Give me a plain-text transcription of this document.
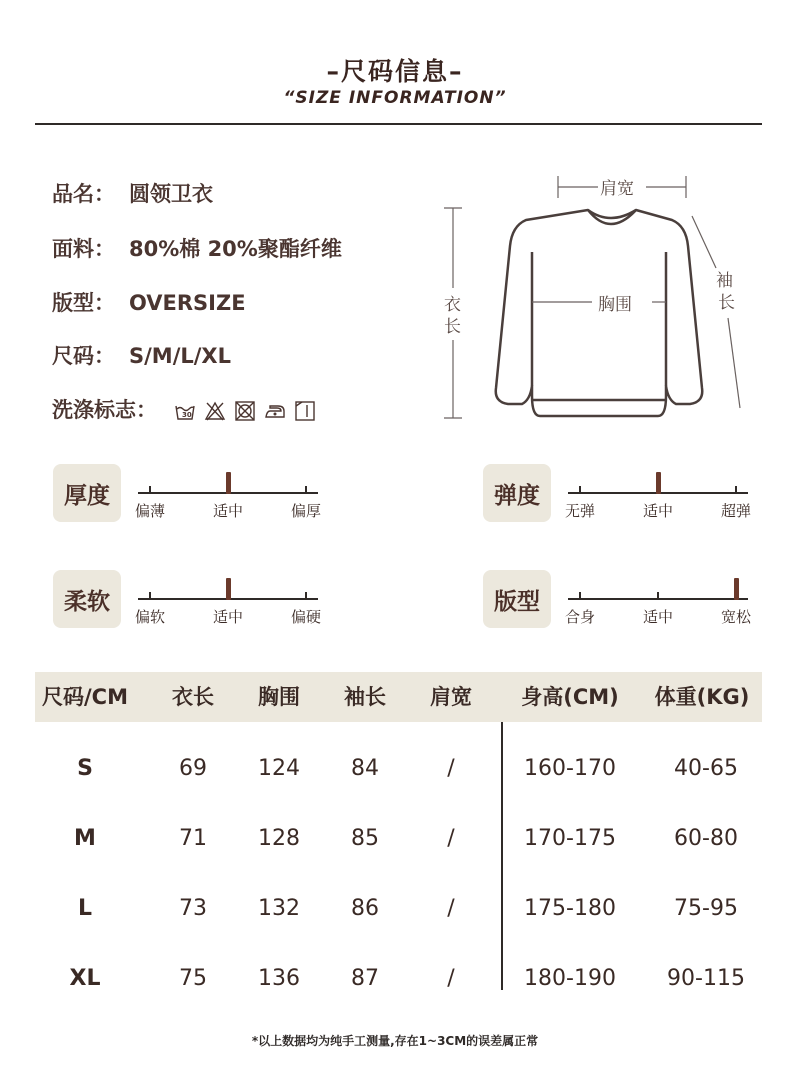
–尺码信息–
“SIZE INFORMATION”
品名： 圆领卫衣
面料： 80%棉 20%聚酯纤维
版型： OVERSIZE
尺码： S/M/L/XL
洗涤标志：	30
肩宽
衣
长
胸围
袖
长
厚度
偏薄	适中	偏厚
弹度
无弹	适中	超弹
柔软
偏软	适中	偏硬
版型
合身	适中	宽松
尺码/CM	衣长	胸围	袖长	肩宽	身高(CM)	体重(KG)
S	69	124	84	/	160-170	40-65
M	71	128	85	/	170-175	60-80
L	73	132	86	/	175-180	75-95
XL	75	136	87	/	180-190	90-115
*以上数据均为纯手工测量,存在1~3CM的误差属正常
